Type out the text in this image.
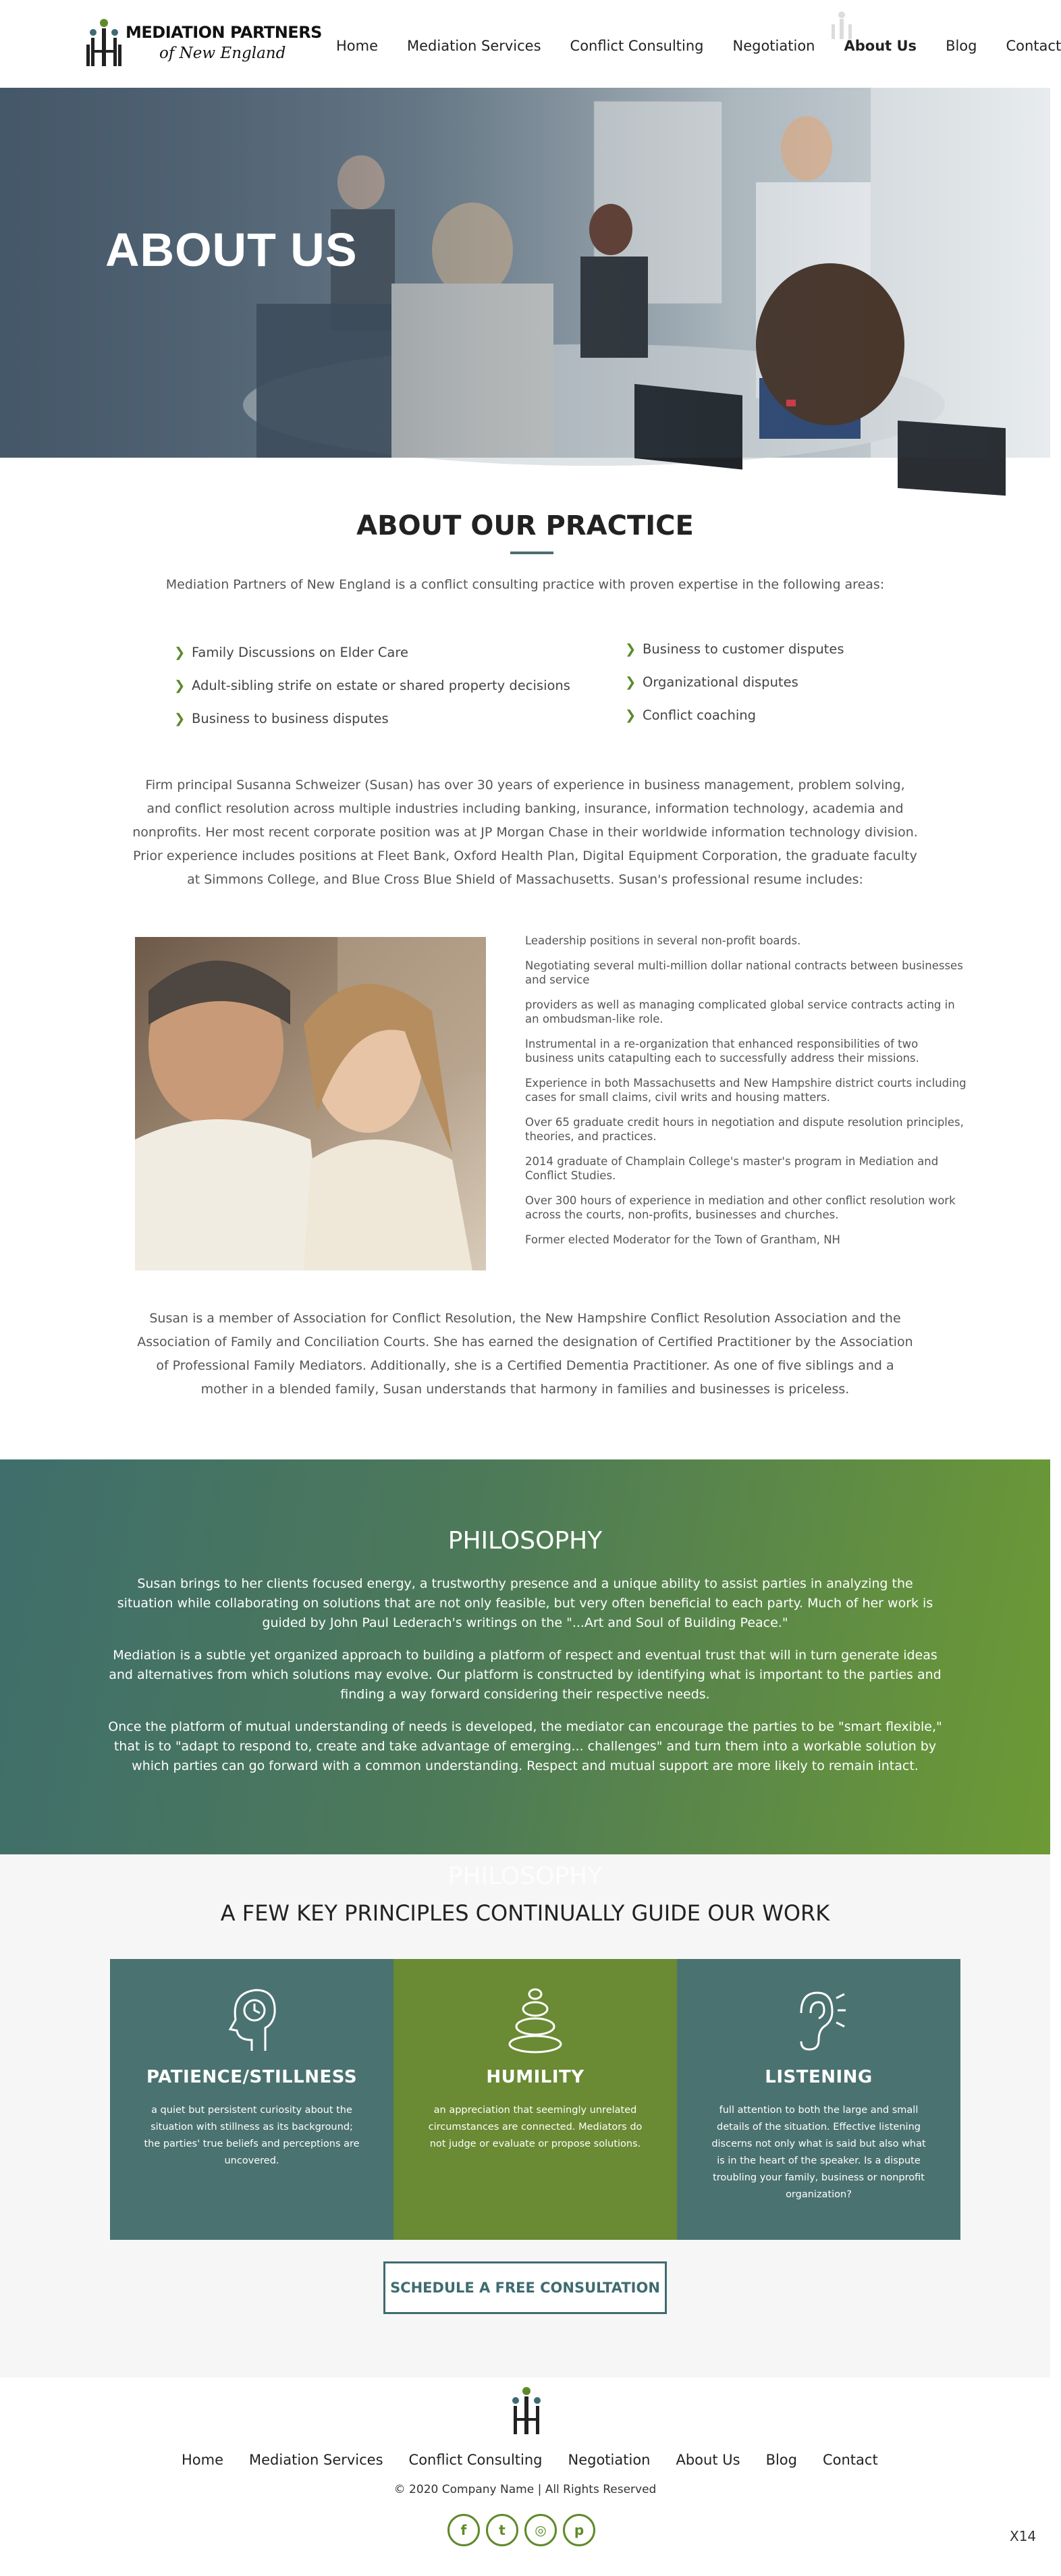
MEDIATION PARTNERS
of New England	Home Mediation Services Conflict Consulting Negotiation About Us Blog Contact
ABOUT US
ABOUT OUR PRACTICE

Mediation Partners of New England is a conflict consulting practice with proven expertise in the following areas:

❯ Family Discussions on Elder Care
❯ Adult-sibling strife on estate or shared property decisions
❯ Business to business disputes
❯ Business to customer disputes
❯ Organizational disputes
❯ Conflict coaching

Firm principal Susanna Schweizer (Susan) has over 30 years of experience in business management, problem solving, and conflict resolution across multiple industries including banking, insurance, information technology, academia and nonprofits. Her most recent corporate position was at JP Morgan Chase in their worldwide information technology division. Prior experience includes positions at Fleet Bank, Oxford Health Plan, Digital Equipment Corporation, the graduate faculty at Simmons College, and Blue Cross Blue Shield of Massachusetts. Susan's professional resume includes:

Leadership positions in several non-profit boards.
Negotiating several multi-million dollar national contracts between businesses and service
providers as well as managing complicated global service contracts acting in an ombudsman-like role.
Instrumental in a re-organization that enhanced responsibilities of two business units catapulting each to successfully address their missions.
Experience in both Massachusetts and New Hampshire district courts including cases for small claims, civil writs and housing matters.
Over 65 graduate credit hours in negotiation and dispute resolution principles, theories, and practices.
2014 graduate of Champlain College's master's program in Mediation and Conflict Studies.
Over 300 hours of experience in mediation and other conflict resolution work across the courts, non-profits, businesses and churches.
Former elected Moderator for the Town of Grantham, NH

Susan is a member of Association for Conflict Resolution, the New Hampshire Conflict Resolution Association and the Association of Family and Conciliation Courts. She has earned the designation of Certified Practitioner by the Association of Professional Family Mediators. Additionally, she is a Certified Dementia Practitioner. As one of five siblings and a mother in a blended family, Susan understands that harmony in families and businesses is priceless.

PHILOSOPHY

Susan brings to her clients focused energy, a trustworthy presence and a unique ability to assist parties in analyzing the situation while collaborating on solutions that are not only feasible, but very often beneficial to each party. Much of her work is guided by John Paul Lederach's writings on the "...Art and Soul of Building Peace."

Mediation is a subtle yet organized approach to building a platform of respect and eventual trust that will in turn generate ideas and alternatives from which solutions may evolve. Our platform is constructed by identifying what is important to the parties and finding a way forward considering their respective needs.

Once the platform of mutual understanding of needs is developed, the mediator can encourage the parties to be "smart flexible," that is to "adapt to respond to, create and take advantage of emerging... challenges" and turn them into a workable solution by which parties can go forward with a common understanding. Respect and mutual support are more likely to remain intact.

PHILOSOPHY
A FEW KEY PRINCIPLES CONTINUALLY GUIDE OUR WORK
PATIENCE/STILLNESS

a quiet but persistent curiosity about the situation with stillness as its background; the parties' true beliefs and perceptions are uncovered.

HUMILITY

an appreciation that seemingly unrelated circumstances are connected. Mediators do not judge or evaluate or propose solutions.

LISTENING

full attention to both the large and small details of the situation. Effective listening discerns not only what is said but also what is in the heart of the speaker. Is a dispute troubling your family, business or nonprofit organization?

SCHEDULE A FREE CONSULTATION
Home Mediation Services Conflict Consulting Negotiation About Us Blog Contact
© 2020 Company Name | All Rights Reserved
f	t	◎	p	X14
